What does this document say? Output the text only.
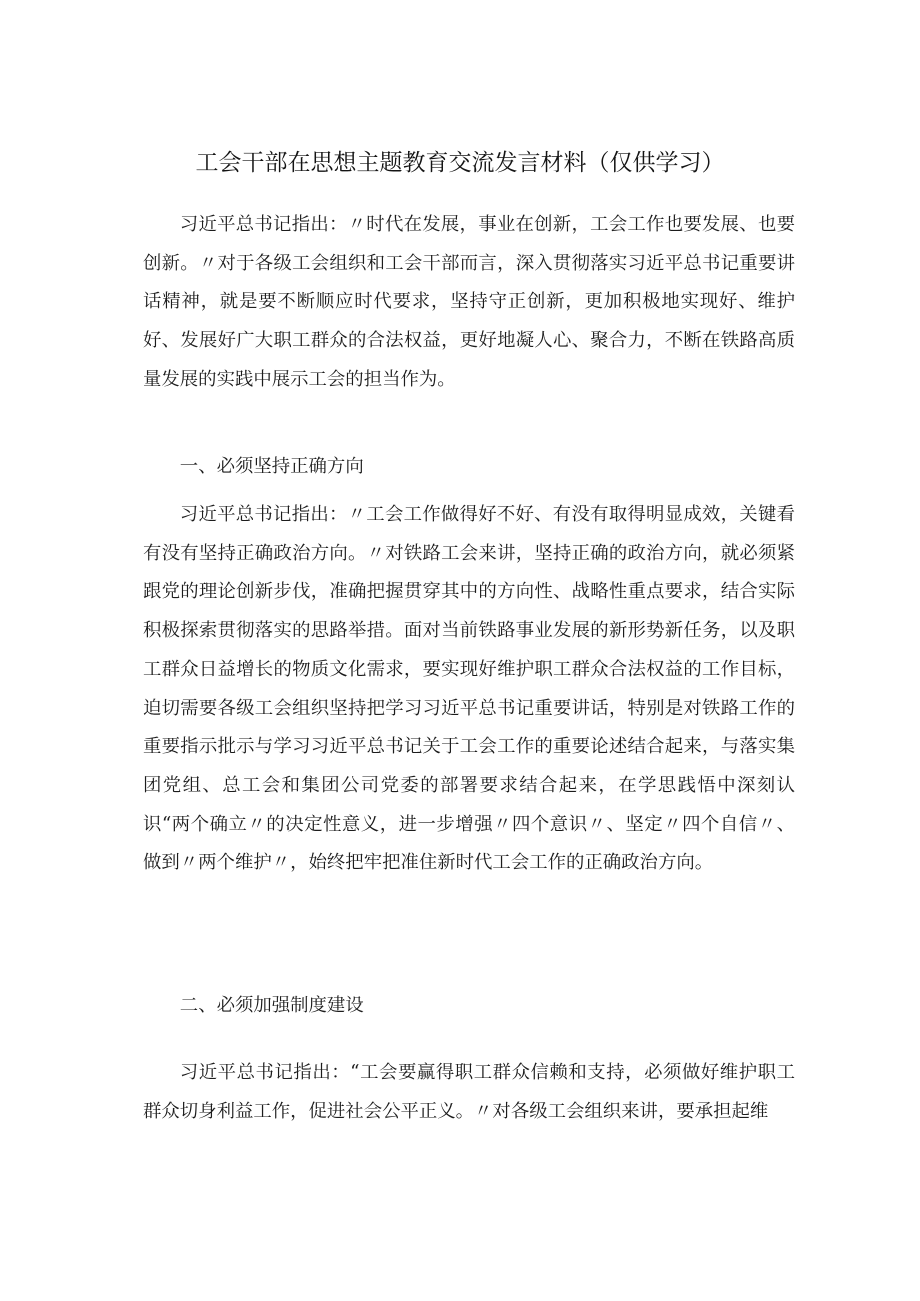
工会干部在思想主题教育交流发言材料（仅供学习）

习近平总书记指出：〃时代在发展，事业在创新，工会工作也要发展、也要创新。〃对于各级工会组织和工会干部而言，深入贯彻落实习近平总书记重要讲话精神，就是要不断顺应时代要求，坚持守正创新，更加积极地实现好、维护好、发展好广大职工群众的合法权益，更好地凝人心、聚合力，不断在铁路高质量发展的实践中展示工会的担当作为。

一、必须坚持正确方向

习近平总书记指出：〃工会工作做得好不好、有没有取得明显成效，关键看有没有坚持正确政治方向。〃对铁路工会来讲，坚持正确的政治方向，就必须紧跟党的理论创新步伐，准确把握贯穿其中的方向性、战略性重点要求，结合实际积极探索贯彻落实的思路举措。面对当前铁路事业发展的新形势新任务，以及职工群众日益增长的物质文化需求，要实现好维护职工群众合法权益的工作目标，迫切需要各级工会组织坚持把学习习近平总书记重要讲话，特别是对铁路工作的重要指示批示与学习习近平总书记关于工会工作的重要论述结合起来，与落实集团党组、总工会和集团公司党委的部署要求结合起来，在学思践悟中深刻认识“两个确立〃的决定性意义，进一步增强〃四个意识〃、坚定〃四个自信〃、做到〃两个维护〃，始终把牢把准住新时代工会工作的正确政治方向。

二、必须加强制度建设

习近平总书记指出：“工会要赢得职工群众信赖和支持，必须做好维护职工群众切身利益工作，促进社会公平正义。〃对各级工会组织来讲，要承担起维
